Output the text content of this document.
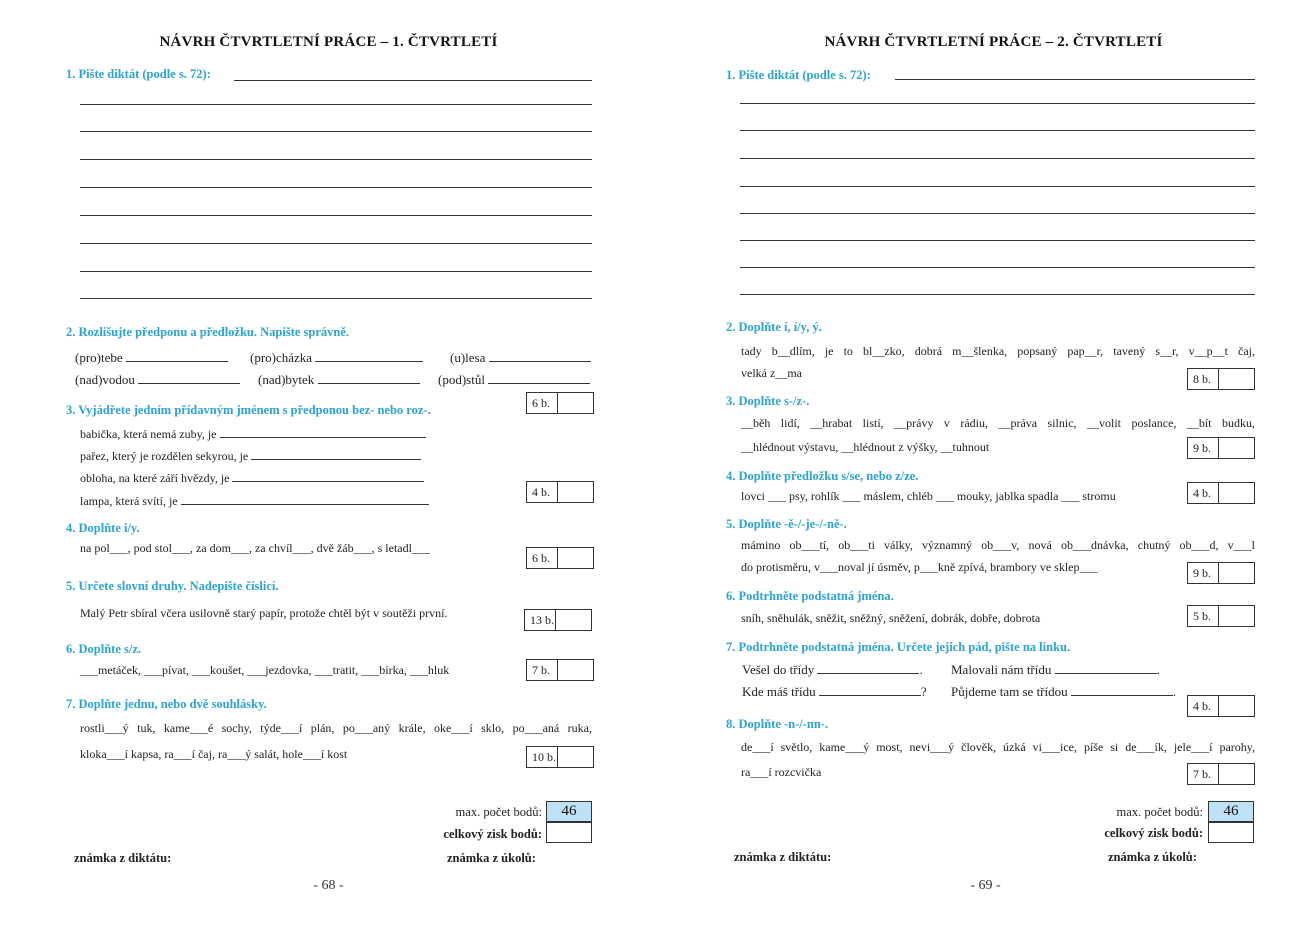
NÁVRH ČTVRTLETNÍ PRÁCE – 1. ČTVRTLETÍ
1. Pište diktát (podle s. 72):
2. Rozlišujte předponu a předložku. Napište správně.
(pro)tebe	(pro)cházka	(u)lesa
(nad)vodou	(nad)bytek	(pod)stůl
6 b.
3. Vyjádřete jedním přídavným jménem s předponou bez- nebo roz-.
babička, která nemá zuby, je
pařez, který je rozdělen sekyrou, je
obloha, na které září hvězdy, je
lampa, která svítí, je
4 b.
4. Doplňte i/y.
na pol___, pod stol___, za dom___, za chvíl___, dvě žáb___, s letadl___
6 b.
5. Určete slovní druhy. Nadepište číslicí.
Malý Petr sbíral včera usilovně starý papír, protože chtěl být v soutěži první.	13 b.
6. Doplňte s/z.
___metáček, ___pívat, ___koušet, ___jezdovka, ___tratit, ___bírka, ___hluk	7 b.
7. Doplňte jednu, nebo dvě souhlásky.
rostli___ý tuk, kame___é sochy, týde___í plán, po___aný krále, oke___í sklo, po___aná ruka,
kloka___í kapsa, ra___í čaj, ra___ý salát, hole___í kost	10 b.
max. počet bodů:	46
celkový zisk bodů:
známka z diktátu:	známka z úkolů:
- 68 -
NÁVRH ČTVRTLETNÍ PRÁCE – 2. ČTVRTLETÍ
1. Pište diktát (podle s. 72):
2. Doplňte í, í/y, ý.
tady b__dlím, je to bl__zko, dobrá m__šlenka, popsaný pap__r, tavený s__r, v__p__t čaj,
velká z__ma	8 b.
3. Doplňte s-/z-.
__běh lidí, __hrabat listí, __právy v rádiu, __práva silnic, __volit poslance, __bít budku,
__hlédnout výstavu, __hlédnout z výšky, __tuhnout	9 b.
4. Doplňte předložku s/se, nebo z/ze.
lovci ___ psy, rohlík ___ máslem, chléb ___ mouky, jablka spadla ___ stromu	4 b.
5. Doplňte -ě-/-je-/-ně-.
mámino ob___tí, ob___ti války, významný ob___v, nová ob___dnávka, chutný ob___d, v___l
do protisměru, v___noval jí úsměv, p___kně zpívá, brambory ve sklep___	9 b.
6. Podtrhněte podstatná jména.
sníh, sněhulák, sněžit, sněžný, sněžení, dobrák, dobře, dobrota	5 b.
7. Podtrhněte podstatná jména. Určete jejich pád, pište na linku.
Vešel do třídy	. Malovali nám třídu	.
Kde máš třídu	? Půjdeme tam se třídou	.
4 b.
8. Doplňte -n-/-nn-.
de___í světlo, kame___ý most, nevi___ý člověk, úzká vi___ice, píše si de___ík, jele___í parohy,
ra___í rozcvička	7 b.
max. počet bodů:	46
celkový zisk bodů:
známka z diktátu:	známka z úkolů:
- 69 -
